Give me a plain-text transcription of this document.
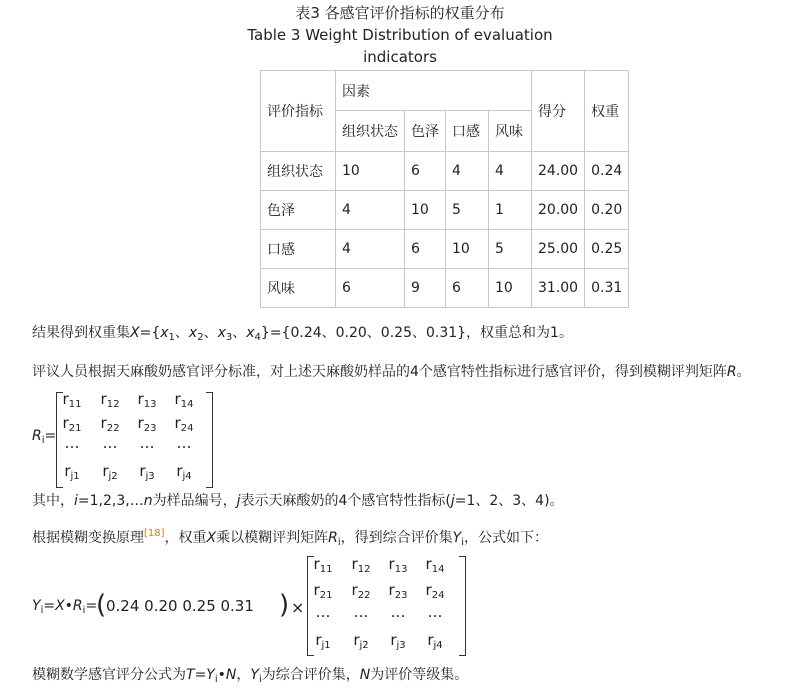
表3 各感官评价指标的权重分布
Table 3 Weight Distribution of evaluation
indicators
评价指标	因素				得分	权重
	组织状态	色泽	口感	风味		
组织状态	10	6	4	4	24.00	0.24
色泽	4	10	5	1	20.00	0.20
口感	4	6	10	5	25.00	0.25
风味	6	9	6	10	31.00	0.31
结果得到权重集$X=\{x_1$、$x_2$、$x_3$、$x_4\}=\{0.24$、0.20、0.25、0.31}，权重总和为1。
评议人员根据天麻酸奶感官评分标准，对上述天麻酸奶样品的4个感官特性指标进行感官评价，得到模糊评判矩阵R。
$R_i=$
其中，i=1,2,3,…n为样品编号，j表示天麻酸奶的4个感官特性指标(j=1、2、3、4)。
根据模糊变换原理[18]，权重X乘以模糊评判矩阵$R_i$，得到综合评价集$Y_i$，公式如下：
$Y_i=X•R_i=$
( 0.24 0.20 0.25 0.31 ) ×
模糊数学感官评分公式为$T=Y_i•N$，$Y_i$为综合评价集，N为评价等级集。
$r_{11}$	$r_{12}$	$r_{13}$	$r_{14}$
$r_{21}$	$r_{22}$	$r_{23}$	$r_{24}$
…	…	…	…
$r_{j1}$	$r_{j2}$	$r_{j3}$	$r_{j4}$
$r_{11}$	$r_{12}$	$r_{13}$	$r_{14}$
$r_{21}$	$r_{22}$	$r_{23}$	$r_{24}$
…	…	…	…
$r_{j1}$	$r_{j2}$	$r_{j3}$	$r_{j4}$
